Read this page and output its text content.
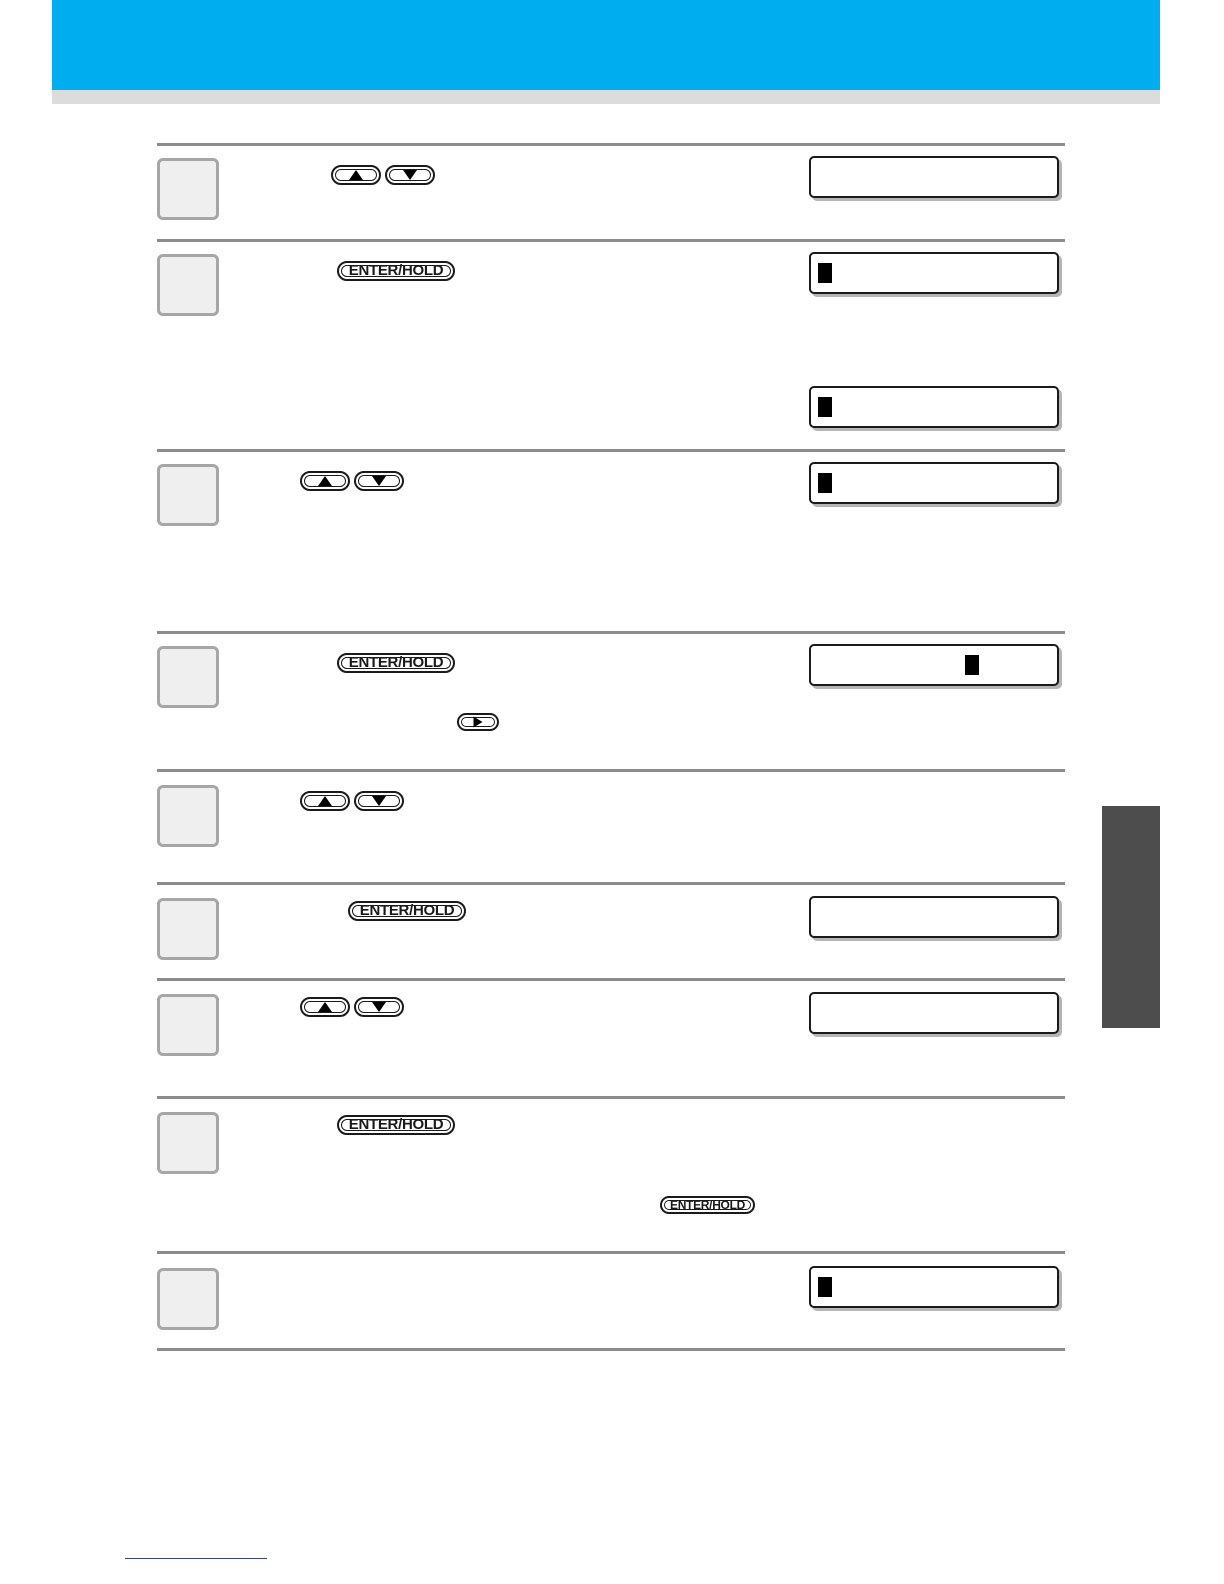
ENTER/HOLD
ENTER/HOLD
ENTER/HOLD
ENTER/HOLD
ENTER/HOLD
